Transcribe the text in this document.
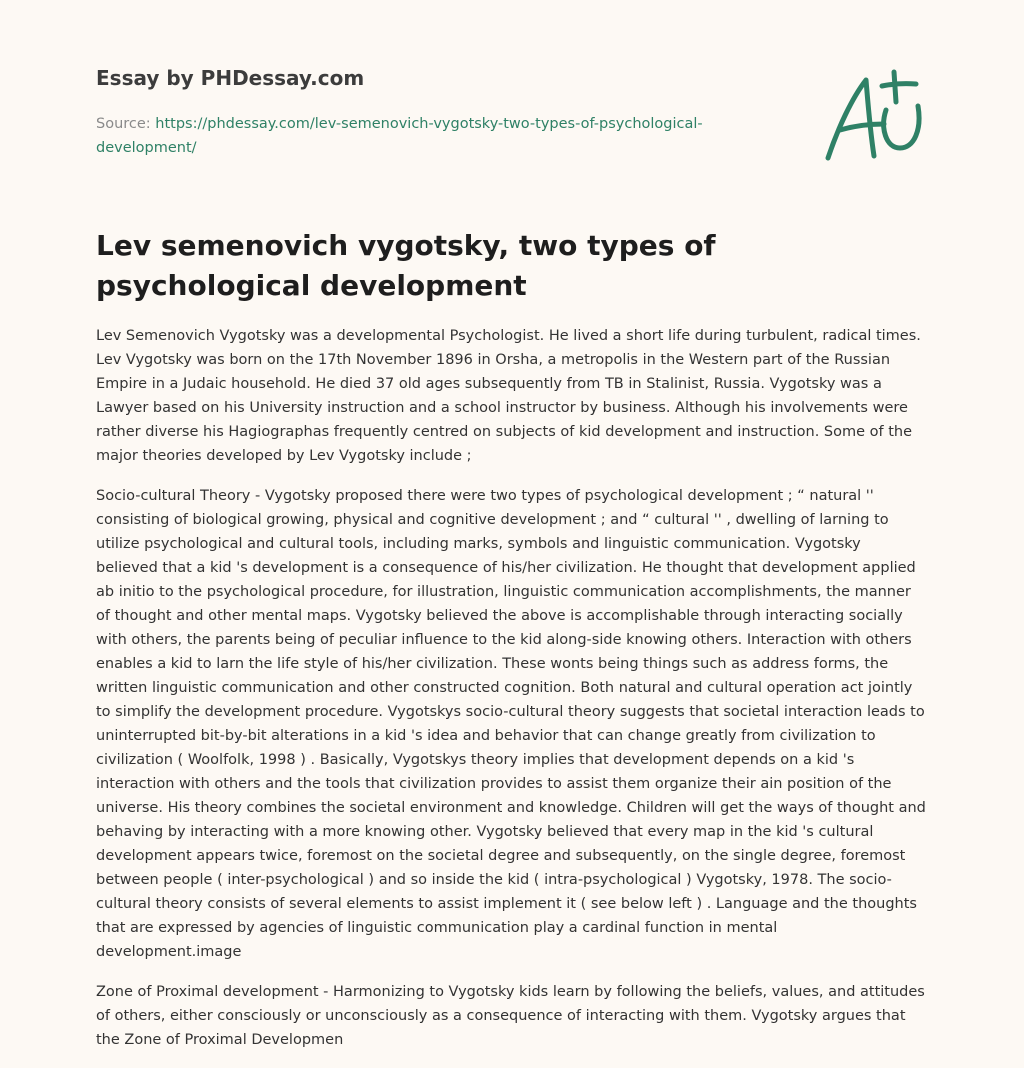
Essay by PHDessay.com
Source: https://phdessay.com/lev-semenovich-vygotsky-two-types-of-psychological-development/
Lev semenovich vygotsky, two types of psychological development

Lev Semenovich Vygotsky was a developmental Psychologist. He lived a short life during turbulent, radical times. Lev Vygotsky was born on the 17th November 1896 in Orsha, a metropolis in the Western part of the Russian Empire in a Judaic household. He died 37 old ages subsequently from TB in Stalinist, Russia. Vygotsky was a Lawyer based on his University instruction and a school instructor by business. Although his involvements were rather diverse his Hagiographas frequently centred on subjects of kid development and instruction. Some of the major theories developed by Lev Vygotsky include ;

Socio-cultural Theory - Vygotsky proposed there were two types of psychological development ; “ natural '' consisting of biological growing, physical and cognitive development ; and “ cultural '' , dwelling of larning to utilize psychological and cultural tools, including marks, symbols and linguistic communication. Vygotsky believed that a kid 's development is a consequence of his/her civilization. He thought that development applied ab initio to the psychological procedure, for illustration, linguistic communication accomplishments, the manner of thought and other mental maps. Vygotsky believed the above is accomplishable through interacting socially with others, the parents being of peculiar influence to the kid along-side knowing others. Interaction with others enables a kid to larn the life style of his/her civilization. These wonts being things such as address forms, the written linguistic communication and other constructed cognition. Both natural and cultural operation act jointly to simplify the development procedure. Vygotskys socio-cultural theory suggests that societal interaction leads to uninterrupted bit-by-bit alterations in a kid 's idea and behavior that can change greatly from civilization to civilization ( Woolfolk, 1998 ) . Basically, Vygotskys theory implies that development depends on a kid 's interaction with others and the tools that civilization provides to assist them organize their ain position of the universe. His theory combines the societal environment and knowledge. Children will get the ways of thought and behaving by interacting with a more knowing other. Vygotsky believed that every map in the kid 's cultural development appears twice, foremost on the societal degree and subsequently, on the single degree, foremost between people ( inter-psychological ) and so inside the kid ( intra-psychological ) Vygotsky, 1978. The socio-cultural theory consists of several elements to assist implement it ( see below left ) . Language and the thoughts that are expressed by agencies of linguistic communication play a cardinal function in mental development.image

Zone of Proximal development - Harmonizing to Vygotsky kids learn by following the beliefs, values, and attitudes of others, either consciously or unconsciously as a consequence of interacting with them. Vygotsky argues that the Zone of Proximal Developmen
